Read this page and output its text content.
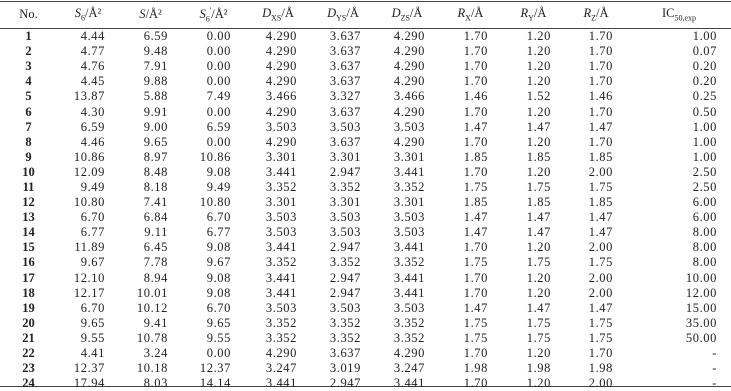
No.	$S_6/Å^2$	S/Å²	$S_6'/Å^2$	$D_{XS}/Å$	$D_{YS}/Å$	$D_{ZS}/Å$	$R_X/Å$	$R_Y/Å$	$R_Z/Å$	$IC_{50,exp}$
1	4.44	6.59	0.00	4.290	3.637	4.290	1.70	1.20	1.70	1.00
2	4.77	9.48	0.00	4.290	3.637	4.290	1.70	1.20	1.70	0.07
3	4.76	7.91	0.00	4.290	3.637	4.290	1.70	1.20	1.70	0.20
4	4.45	9.88	0.00	4.290	3.637	4.290	1.70	1.20	1.70	0.20
5	13.87	5.88	7.49	3.466	3.327	3.466	1.46	1.52	1.46	0.25
6	4.30	9.91	0.00	4.290	3.637	4.290	1.70	1.20	1.70	0.50
7	6.59	9.00	6.59	3.503	3.503	3.503	1.47	1.47	1.47	1.00
8	4.46	9.65	0.00	4.290	3.637	4.290	1.70	1.20	1.70	1.00
9	10.86	8.97	10.86	3.301	3.301	3.301	1.85	1.85	1.85	1.00
10	12.09	8.48	9.08	3.441	2.947	3.441	1.70	1.20	2.00	2.50
11	9.49	8.18	9.49	3.352	3.352	3.352	1.75	1.75	1.75	2.50
12	10.80	7.41	10.80	3.301	3.301	3.301	1.85	1.85	1.85	6.00
13	6.70	6.84	6.70	3.503	3.503	3.503	1.47	1.47	1.47	6.00
14	6.77	9.11	6.77	3.503	3.503	3.503	1.47	1.47	1.47	8.00
15	11.89	6.45	9.08	3.441	2.947	3.441	1.70	1.20	2.00	8.00
16	9.67	7.78	9.67	3.352	3.352	3.352	1.75	1.75	1.75	8.00
17	12.10	8.94	9.08	3.441	2.947	3.441	1.70	1.20	2.00	10.00
18	12.17	10.01	9.08	3.441	2.947	3.441	1.70	1.20	2.00	12.00
19	6.70	10.12	6.70	3.503	3.503	3.503	1.47	1.47	1.47	15.00
20	9.65	9.41	9.65	3.352	3.352	3.352	1.75	1.75	1.75	35.00
21	9.55	10.78	9.55	3.352	3.352	3.352	1.75	1.75	1.75	50.00
22	4.41	3.24	0.00	4.290	3.637	4.290	1.70	1.20	1.70	-
23	12.37	10.18	12.37	3.247	3.019	3.247	1.98	1.98	1.98	-
24	17.94	8.03	14.14	3.441	2.947	3.441	1.70	1.20	2.00	-
